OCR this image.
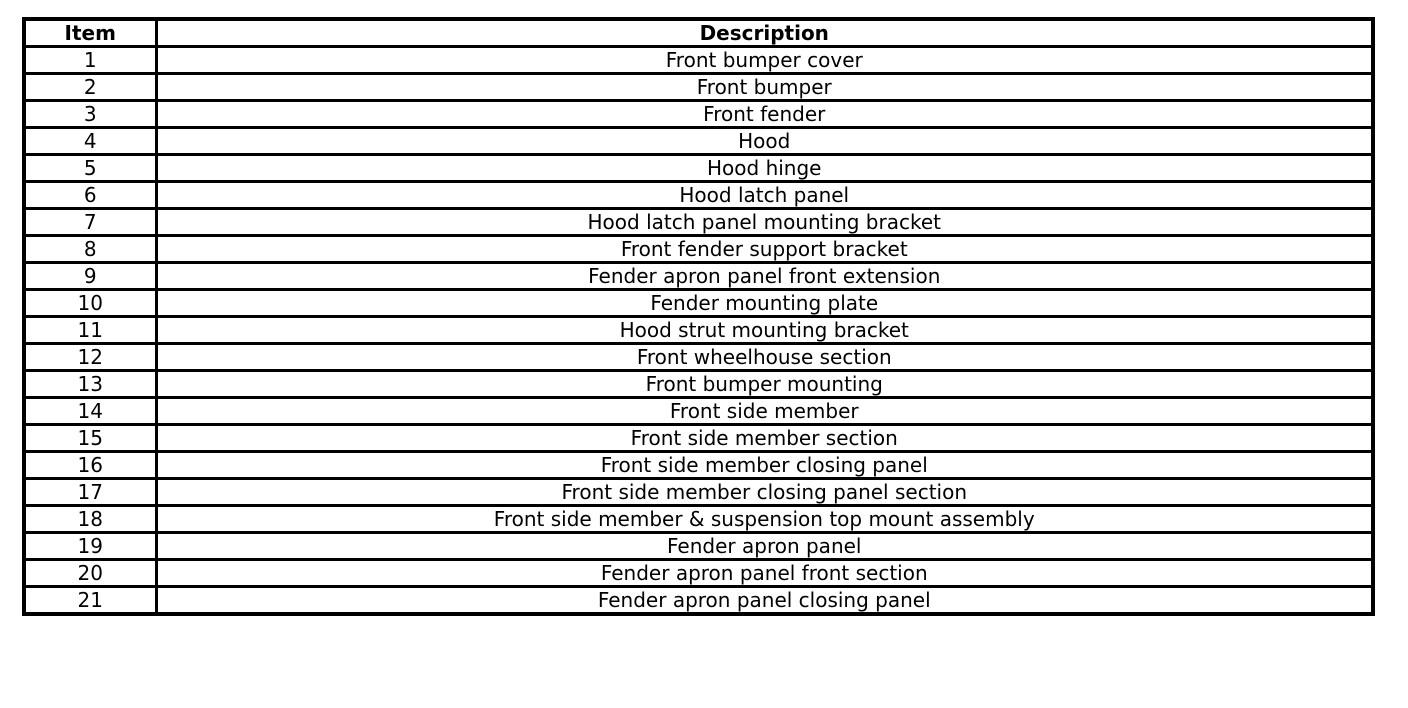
Item	Description
1	Front bumper cover
2	Front bumper
3	Front fender
4	Hood
5	Hood hinge
6	Hood latch panel
7	Hood latch panel mounting bracket
8	Front fender support bracket
9	Fender apron panel front extension
10	Fender mounting plate
11	Hood strut mounting bracket
12	Front wheelhouse section
13	Front bumper mounting
14	Front side member
15	Front side member section
16	Front side member closing panel
17	Front side member closing panel section
18	Front side member & suspension top mount assembly
19	Fender apron panel
20	Fender apron panel front section
21	Fender apron panel closing panel
